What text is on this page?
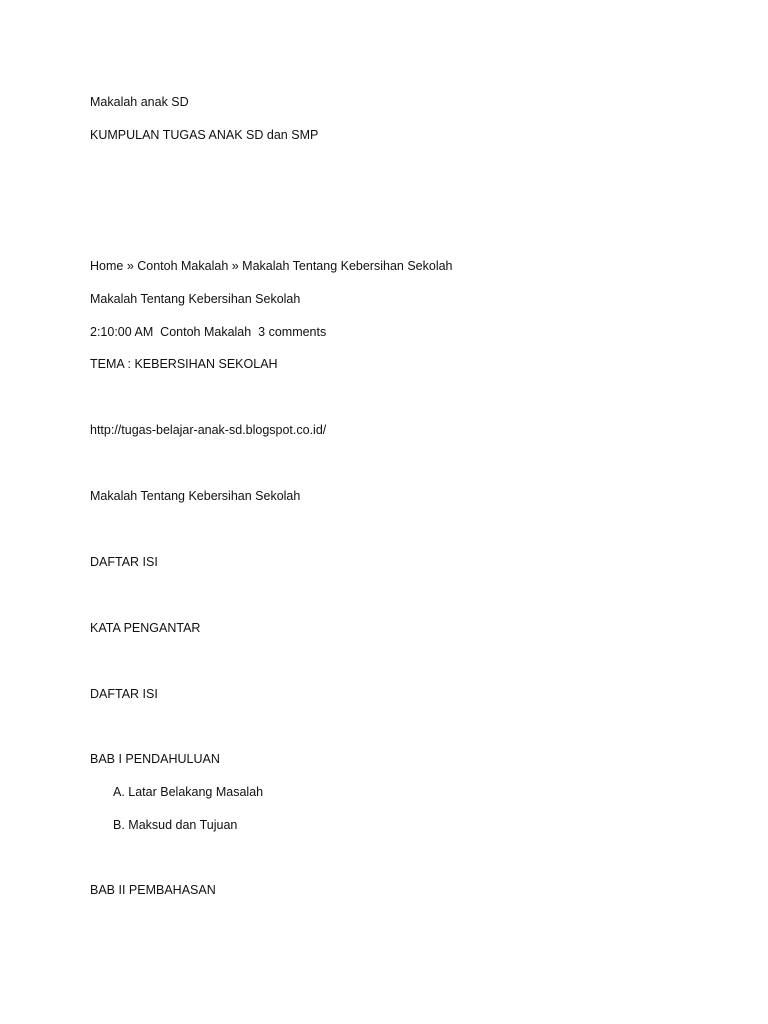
Makalah anak SD

KUMPULAN TUGAS ANAK SD dan SMP

Home » Contoh Makalah » Makalah Tentang Kebersihan Sekolah

Makalah Tentang Kebersihan Sekolah

2:10:00 AM  Contoh Makalah  3 comments

TEMA : KEBERSIHAN SEKOLAH

http://tugas-belajar-anak-sd.blogspot.co.id/

Makalah Tentang Kebersihan Sekolah

DAFTAR ISI

KATA PENGANTAR

DAFTAR ISI

BAB I PENDAHULUAN

A. Latar Belakang Masalah

B. Maksud dan Tujuan

BAB II PEMBAHASAN
